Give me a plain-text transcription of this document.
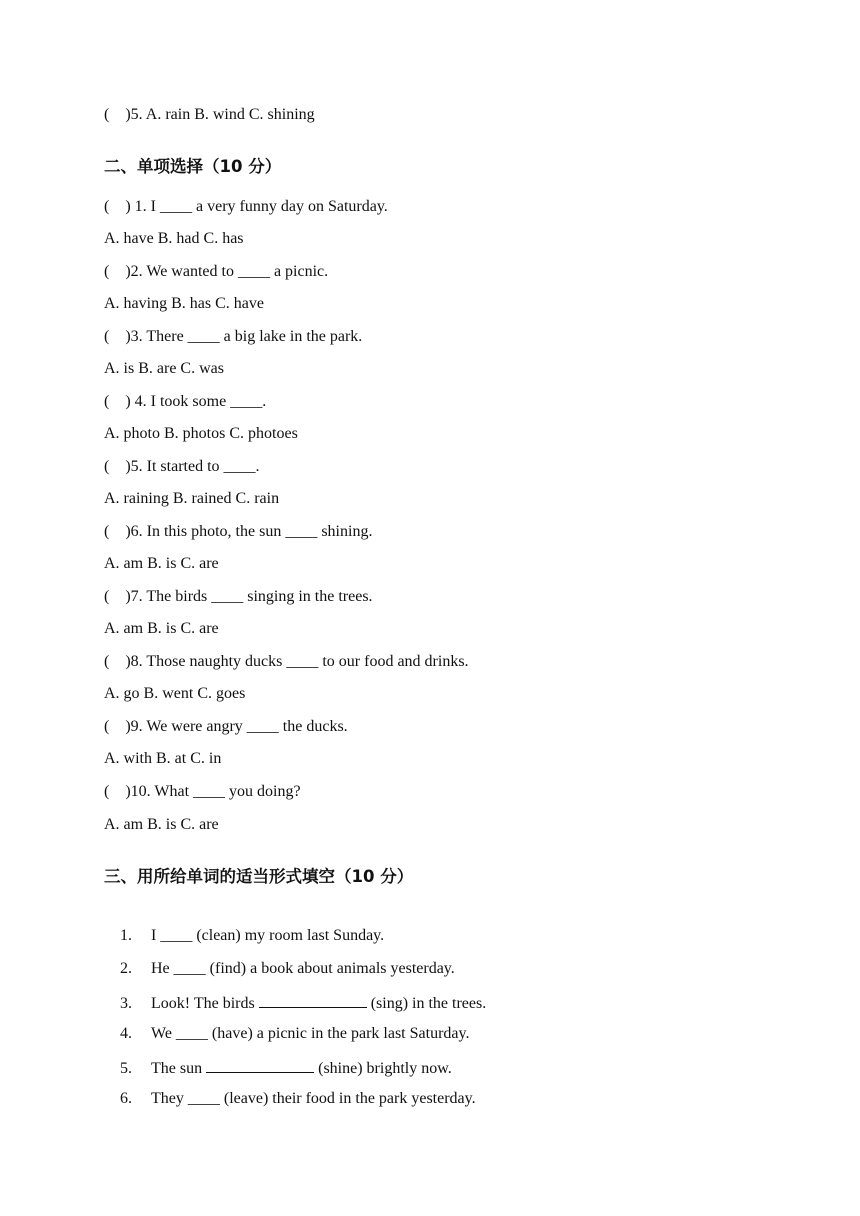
(    )5. A. rain B. wind C. shining

二、单项选择（10 分）

(    ) 1. I ____ a very funny day on Saturday.

A. have B. had C. has

(    )2. We wanted to ____ a picnic.

A. having B. has C. have

(    )3. There ____ a big lake in the park.

A. is B. are C. was

(    ) 4. I took some ____.

A. photo B. photos C. photoes

(    )5. It started to ____.

A. raining B. rained C. rain

(    )6. In this photo, the sun ____ shining.

A. am B. is C. are

(    )7. The birds ____ singing in the trees.

A. am B. is C. are

(    )8. Those naughty ducks ____ to our food and drinks.

A. go B. went C. goes

(    )9. We were angry ____ the ducks.

A. with B. at C. in

(    )10. What ____ you doing?

A. am B. is C. are

三、用所给单词的适当形式填空（10 分）

1. I ____ (clean) my room last Sunday.

2. He ____ (find) a book about animals yesterday.

3. Look! The birds	(sing) in the trees.

4. We ____ (have) a picnic in the park last Saturday.

5. The sun	(shine) brightly now.

6. They ____ (leave) their food in the park yesterday.
